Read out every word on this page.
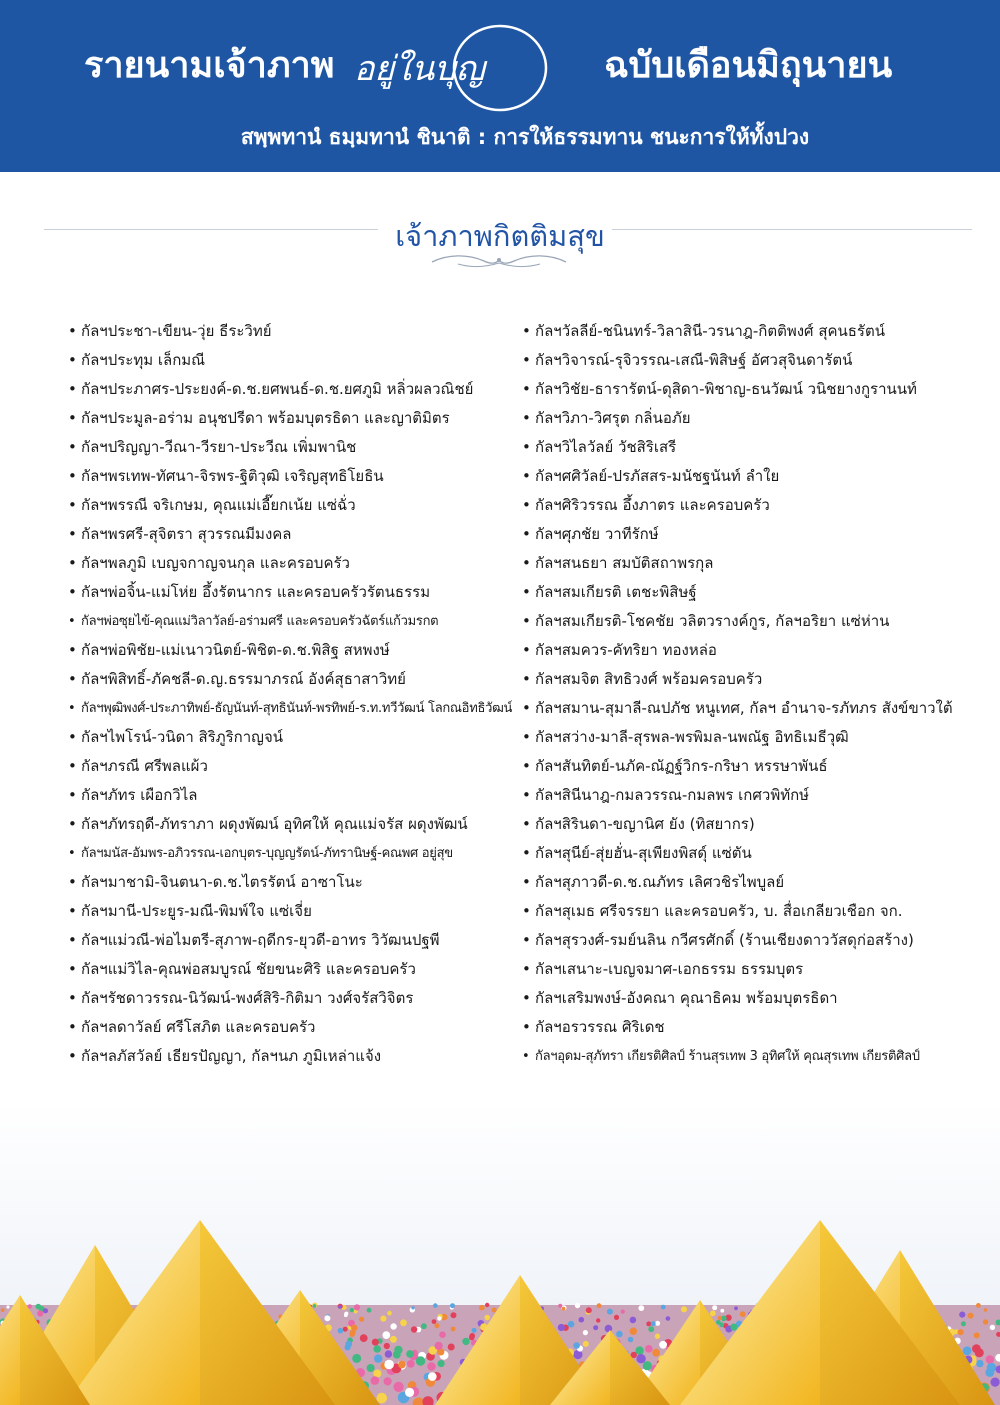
รายนามเจ้าภาพ อยู่ในบุญ	ฉบับเดือนมิถุนายน
สพฺพทานํ ธมฺมทานํ ชินาติ : การให้ธรรมทาน ชนะการให้ทั้งปวง
เจ้าภาพกิตติมสุข
• กัลฯประชา-เขียน-วุ่ย ธีระวิทย์
• กัลฯประทุม เล็กมณี
• กัลฯประภาศร-ประยงค์-ด.ช.ยศพนธ์-ด.ช.ยศภูมิ หลิ่วผลวณิชย์
• กัลฯประมูล-อร่าม อนุชปรีดา พร้อมบุตรธิดา และญาติมิตร
• กัลฯปริญญา-วีณา-วีรยา-ประวีณ เพิ่มพานิช
• กัลฯพรเทพ-ทัศนา-จิรพร-ฐิติวุฒิ เจริญสุทธิโยธิน
• กัลฯพรรณี จริเกษม, คุณแม่เอี๊ยกเน้ย แซ่ฉั่ว
• กัลฯพรศรี-สุจิตรา สุวรรณมีมงคล
• กัลฯพลภูมิ เบญจกาญจนกุล และครอบครัว
• กัลฯพ่อจิ้น-แม่โห่ย อึ้งรัตนากร และครอบครัวรัตนธรรม
• กัลฯพ่อซุยไข้-คุณแม่วิลาวัลย์-อร่ามศรี และครอบครัวฉัตร์แก้วมรกต
• กัลฯพ่อพิชัย-แม่เนาวนิตย์-พิชิต-ด.ช.พิสิฐ สหพงษ์
• กัลฯพิสิทธิ์-ภัคชลี-ด.ญ.ธรรมาภรณ์ อังค์สุธาสาวิทย์
• กัลฯพุฒิพงศ์-ประภาทิพย์-ธัญนันท์-สุทธินันท์-พรทิพย์-ร.ท.ทวีวัฒน์ โลกณอิทธิวัฒน์
• กัลฯไพโรน์-วนิดา สิริภูริกาญจน์
• กัลฯภรณี ศรีพลแผ้ว
• กัลฯภัทร เผือกวิไล
• กัลฯภัทรฤดี-ภัทราภา ผดุงพัฒน์ อุทิศให้ คุณแม่จรัส ผดุงพัฒน์
• กัลฯมนัส-อัมพร-อภิวรรณ-เอกบุตร-บุญญรัตน์-ภัทรานิษฐ์-คณพศ อยู่สุข
• กัลฯมาชามิ-จินตนา-ด.ช.ไตรรัตน์ อาซาโนะ
• กัลฯมานี-ประยูร-มณี-พิมพ์ใจ แซ่เจี่ย
• กัลฯแม่วณี-พ่อไมตรี-สุภาพ-ฤดีกร-ยุวดี-อาทร วิวัฒนปฐพี
• กัลฯแม่วิไล-คุณพ่อสมบูรณ์ ชัยขนะศิริ และครอบครัว
• กัลฯรัชดาวรรณ-นิวัฒน์-พงศ์สิริ-กิติมา วงศ์จรัสวิจิตร
• กัลฯลดาวัลย์ ศรีโสภิต และครอบครัว
• กัลฯลภัสวัลย์ เธียรปัญญา, กัลฯนภ ภูมิเหล่าแจ้ง
• กัลฯวัลลีย์-ชนินทร์-วิลาสินี-วรนาฎ-กิตติพงศ์ สุคนธรัตน์
• กัลฯวิจารณ์-รุจิวรรณ-เสณี-พิสิษฐ์ อัศวสุจินดารัตน์
• กัลฯวิชัย-ธารารัตน์-ดุสิดา-พิชาญ-ธนวัฒน์ วนิชยางกูรานนท์
• กัลฯวิภา-วิศรุต กลิ่นอภัย
• กัลฯวิไลวัลย์ วัชสิริเสรี
• กัลฯศศิวัลย์-ปรภัสสร-มนัชฐนันท์ ลำใย
• กัลฯศิริวรรณ อึ้งภาตร และครอบครัว
• กัลฯศุภชัย วาทีรักษ์
• กัลฯสนธยา สมบัติสถาพรกุล
• กัลฯสมเกียรติ เตชะพิสิษฐ์
• กัลฯสมเกียรติ-โชคชัย วลิตวรางค์กูร, กัลฯอริยา แซ่ห่าน
• กัลฯสมควร-คัทริยา ทองหล่อ
• กัลฯสมจิต สิทธิวงศ์ พร้อมครอบครัว
• กัลฯสมาน-สุมาลี-ณปภัช หนูเทศ, กัลฯ อำนาจ-รภัทภร สังข์ขาวใต้
• กัลฯสว่าง-มาลี-สุรพล-พรพิมล-นพณัฐ อิทธิเมธีวุฒิ
• กัลฯสันทิตย์-นภัค-ณัฏฐ์วิกร-กริษา หรรษาพันธ์
• กัลฯสินีนาฎ-กมลวรรณ-กมลพร เกศวพิทักษ์
• กัลฯสิรินดา-ขญานิศ ยัง (ทิสยากร)
• กัลฯสุนีย์-สุ่ยฮั่น-สุเพียงพิสดุ์ แซ่ตัน
• กัลฯสุภาวดี-ด.ช.ณภัทร เลิศวชิรไพบูลย์
• กัลฯสุเมธ ศรีจรรยา และครอบครัว, บ. สื่อเกลียวเชือก จก.
• กัลฯสุรวงศ์-รมย์นลิน กวีศรศักดิ์ (ร้านเชียงดาววัสดุก่อสร้าง)
• กัลฯเสนาะ-เบญจมาศ-เอกธรรม ธรรมบุตร
• กัลฯเสริมพงษ์-อังคณา คุณาธิคม พร้อมบุตรธิดา
• กัลฯอรวรรณ ศิริเดช
• กัลฯอุดม-สุภัทรา เกียรติศิลป์ ร้านสุรเทพ 3 อุทิศให้ คุณสุรเทพ เกียรติศิลป์
